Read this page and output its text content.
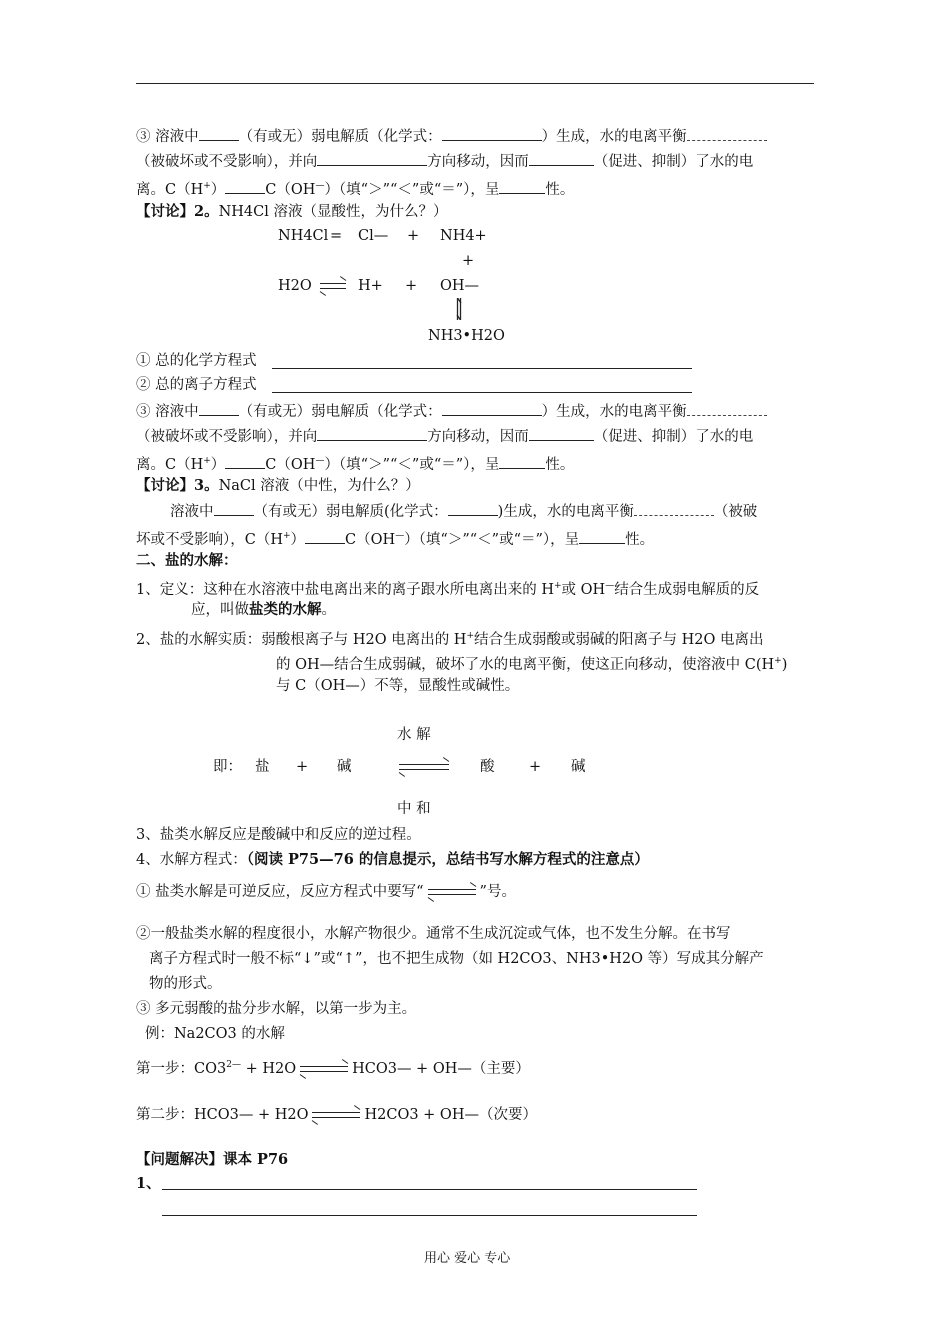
③ 溶液中	（有或无）弱电解质（化学式：	）生成，水的电离平衡
（被破坏或不受影响），并向	方向移动，因而	（促进、抑制）了水的电
离。C（H+）	C（OH—）（填“＞”“＜”或“＝”），呈	性。
【讨论】2。NH4Cl 溶液（显酸性，为什么？）
NH4Cl = Cl— + NH4+
+
H2O	H+ + OH—
NH3•H2O
① 总的化学方程式
② 总的离子方程式
③ 溶液中	（有或无）弱电解质（化学式：	）生成，水的电离平衡
（被破坏或不受影响），并向	方向移动，因而	（促进、抑制）了水的电
离。C（H+）	C（OH—）（填“＞”“＜”或“＝”），呈	性。
【讨论】3。NaCl 溶液（中性，为什么？）
溶液中	（有或无）弱电解质(化学式：	)生成，水的电离平衡	（被破
坏或不受影响），C（H+）	C（OH—）（填“＞”“＜”或“＝”），呈	性。
二、盐的水解：
1、定义：这种在水溶液中盐电离出来的离子跟水所电离出来的 H+或 OH—结合生成弱电解质的反
应，叫做盐类的水解。
2、盐的水解实质：弱酸根离子与 H2O 电离出的 H+结合生成弱酸或弱碱的阳离子与 H2O 电离出
的 OH—结合生成弱碱，破坏了水的电离平衡，使这正向移动，使溶液中 C(H+)
与 C（OH—）不等，显酸性或碱性。
水 解
即： 盐 + 碱	酸 + 碱
中 和
3、盐类水解反应是酸碱中和反应的逆过程。
4、水解方程式：（阅读 P75—76 的信息提示，总结书写水解方程式的注意点）
① 盐类水解是可逆反应，反应方程式中要写“	”号。
②一般盐类水解的程度很小，水解产物很少。通常不生成沉淀或气体，也不发生分解。在书写
离子方程式时一般不标“↓”或“↑”，也不把生成物（如 H2CO3、NH3•H2O 等）写成其分解产
物的形式。
③ 多元弱酸的盐分步水解，以第一步为主。
例：Na2CO3 的水解
第一步：$CO3^{2—} + H2O$	HCO3— + OH—（主要）
第二步：HCO3— + H2O	H2CO3 + OH—（次要）
【问题解决】课本 P76
1、
用心 爱心 专心
